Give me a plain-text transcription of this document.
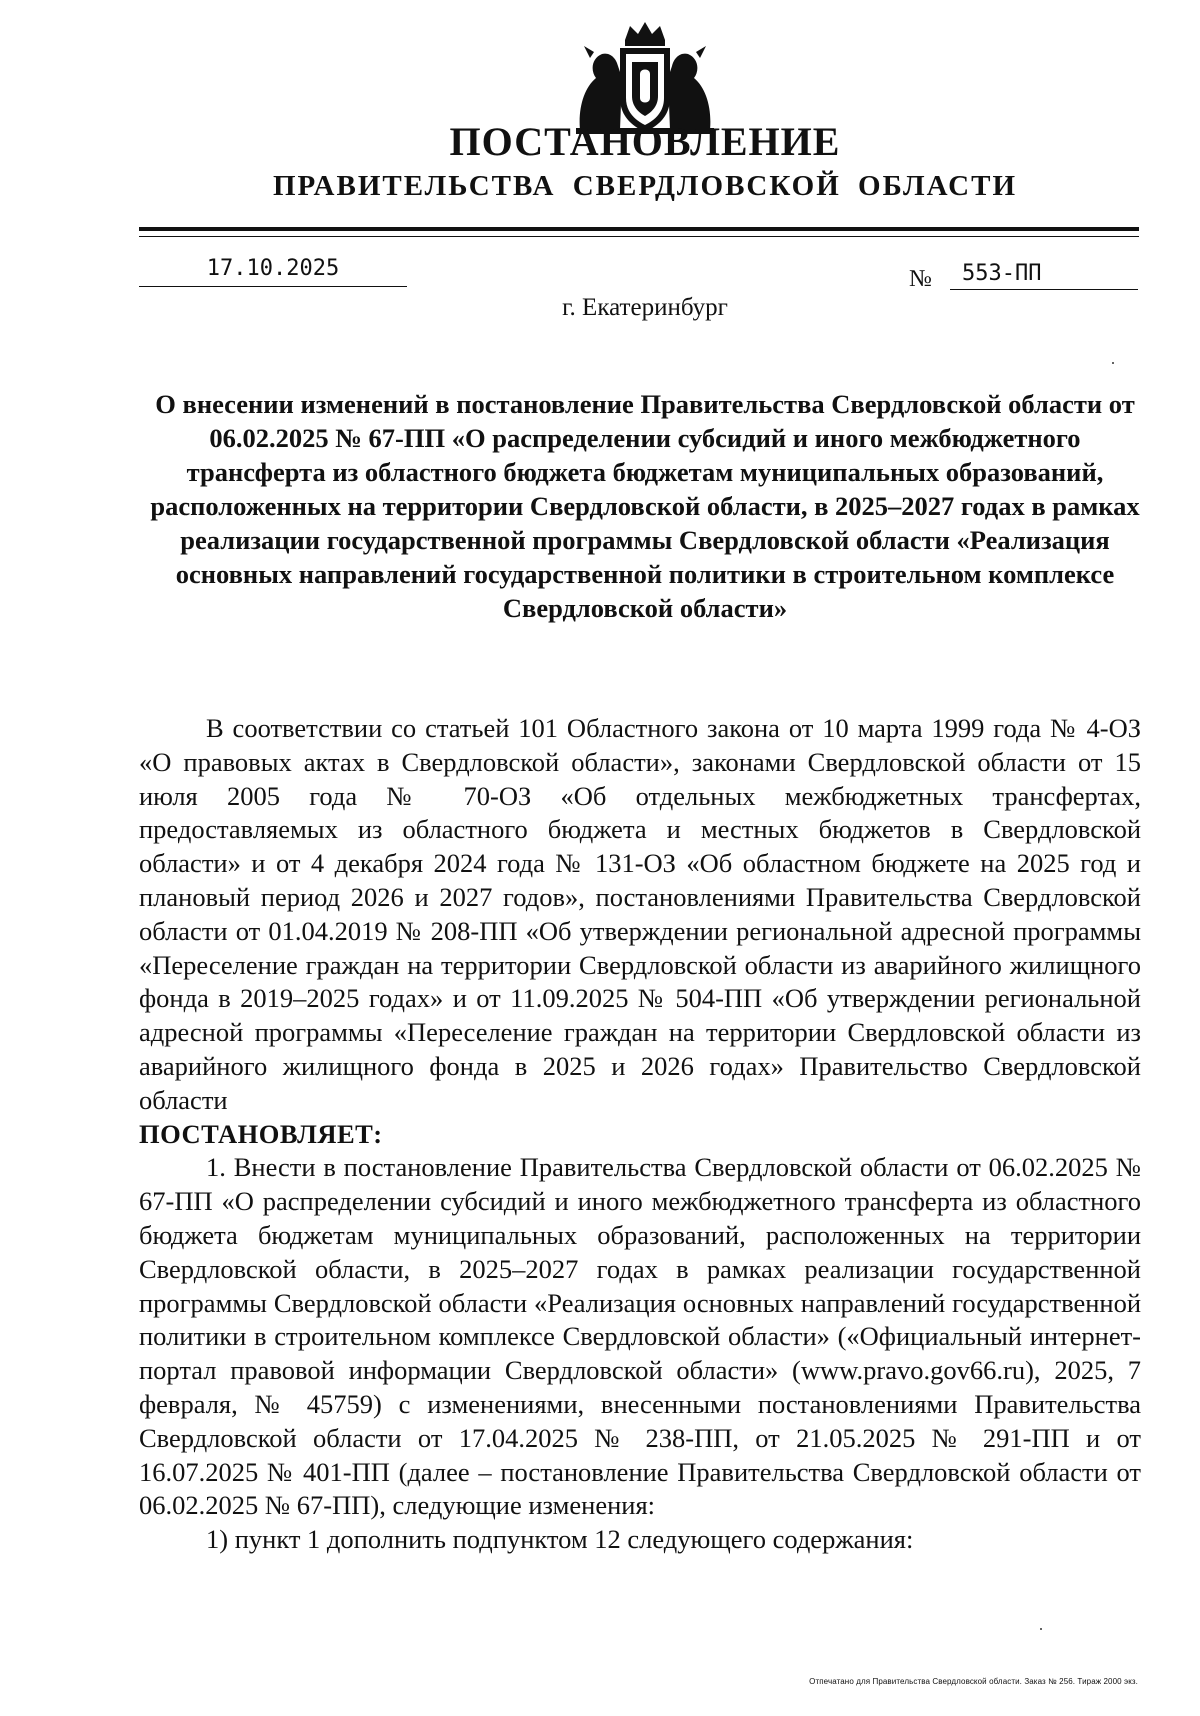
ПОСТАНОВЛЕНИЕ
ПРАВИТЕЛЬСТВА СВЕРДЛОВСКОЙ ОБЛАСТИ
17.10.2025	№	553-ПП
г. Екатеринбург
О внесении изменений в постановление Правительства Свердловской области от 06.02.2025 № 67-ПП «О распределении субсидий и иного межбюджетного трансферта из областного бюджета бюджетам муниципальных образований, расположенных на территории Свердловской области, в 2025–2027 годах в рамках реализации государственной программы Свердловской области «Реализация основных направлений государственной политики в строительном комплексе Свердловской области»

В соответствии со статьей 101 Областного закона от 10 марта 1999 года № 4-ОЗ «О правовых актах в Свердловской области», законами Свердловской области от 15 июля 2005 года № 70-ОЗ «Об отдельных межбюджетных трансфертах, предоставляемых из областного бюджета и местных бюджетов в Свердловской области» и от 4 декабря 2024 года № 131-ОЗ «Об областном бюджете на 2025 год и плановый период 2026 и 2027 годов», постановлениями Правительства Свердловской области от 01.04.2019 № 208-ПП «Об утверждении региональной адресной программы «Переселение граждан на территории Свердловской области из аварийного жилищного фонда в 2019–2025 годах» и от 11.09.2025 № 504-ПП «Об утверждении региональной адресной программы «Переселение граждан на территории Свердловской области из аварийного жилищного фонда в 2025 и 2026 годах» Правительство Свердловской области

ПОСТАНОВЛЯЕТ:

1. Внести в постановление Правительства Свердловской области от 06.02.2025 № 67-ПП «О распределении субсидий и иного межбюджетного трансферта из областного бюджета бюджетам муниципальных образований, расположенных на территории Свердловской области, в 2025–2027 годах в рамках реализации государственной программы Свердловской области «Реализация основных направлений государственной политики в строительном комплексе Свердловской области» («Официальный интернет-портал правовой информации Свердловской области» (www.pravo.gov66.ru), 2025, 7 февраля, № 45759) с изменениями, внесенными постановлениями Правительства Свердловской области от 17.04.2025 № 238-ПП, от 21.05.2025 № 291-ПП и от 16.07.2025 № 401-ПП (далее – постановление Правительства Свердловской области от 06.02.2025 № 67-ПП), следующие изменения:

1) пункт 1 дополнить подпунктом 12 следующего содержания:

Отпечатано для Правительства Свердловской области. Заказ № 256. Тираж 2000 экз.
